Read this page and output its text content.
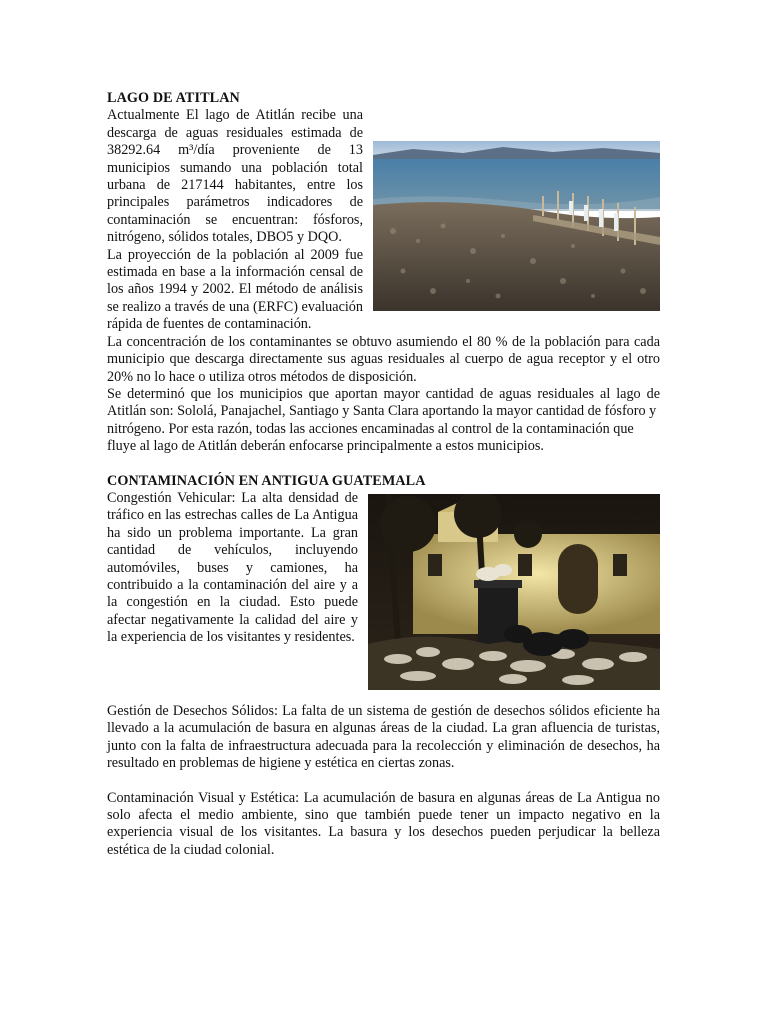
LAGO DE ATITLAN

Actualmente El lago de Atitlán recibe una descarga de aguas residuales estimada de 38292.64 m³/día proveniente de 13 municipios sumando una población total urbana de 217144 habitantes, entre los principales parámetros indicadores de contaminación se encuentran: fósforos, nitrógeno, sólidos totales, DBO5 y DQO.

La proyección de la población al 2009 fue estimada en base a la información censal de los años 1994 y 2002. El método de análisis se realizo a través de una (ERFC) evaluación rápida de fuentes de contaminación.

La concentración de los contaminantes se obtuvo asumiendo el 80 % de la población para cada municipio que descarga directamente sus aguas residuales al cuerpo de agua receptor y el otro 20% no lo hace o utiliza otros métodos de disposición.

Se determinó que los municipios que aportan mayor cantidad de aguas residuales al lago de Atitlán son: Sololá, Panajachel, Santiago y Santa Clara aportando la mayor cantidad de fósforo y

nitrógeno. Por esta razón, todas las acciones encaminadas al control de la contaminación que

fluye al lago de Atitlán deberán enfocarse principalmente a estos municipios.

CONTAMINACIÓN EN ANTIGUA GUATEMALA

Congestión Vehicular: La alta densidad de tráfico en las estrechas calles de La Antigua ha sido un problema importante. La gran cantidad de vehículos, incluyendo automóviles, buses y camiones, ha contribuido a la contaminación del aire y a la congestión en la ciudad. Esto puede afectar negativamente la calidad del aire y la experiencia de los visitantes y residentes.

Gestión de Desechos Sólidos: La falta de un sistema de gestión de desechos sólidos eficiente ha llevado a la acumulación de basura en algunas áreas de la ciudad. La gran afluencia de turistas, junto con la falta de infraestructura adecuada para la recolección y eliminación de desechos, ha resultado en problemas de higiene y estética en ciertas zonas.

Contaminación Visual y Estética: La acumulación de basura en algunas áreas de La Antigua no solo afecta el medio ambiente, sino que también puede tener un impacto negativo en la experiencia visual de los visitantes. La basura y los desechos pueden perjudicar la belleza estética de la ciudad colonial.
